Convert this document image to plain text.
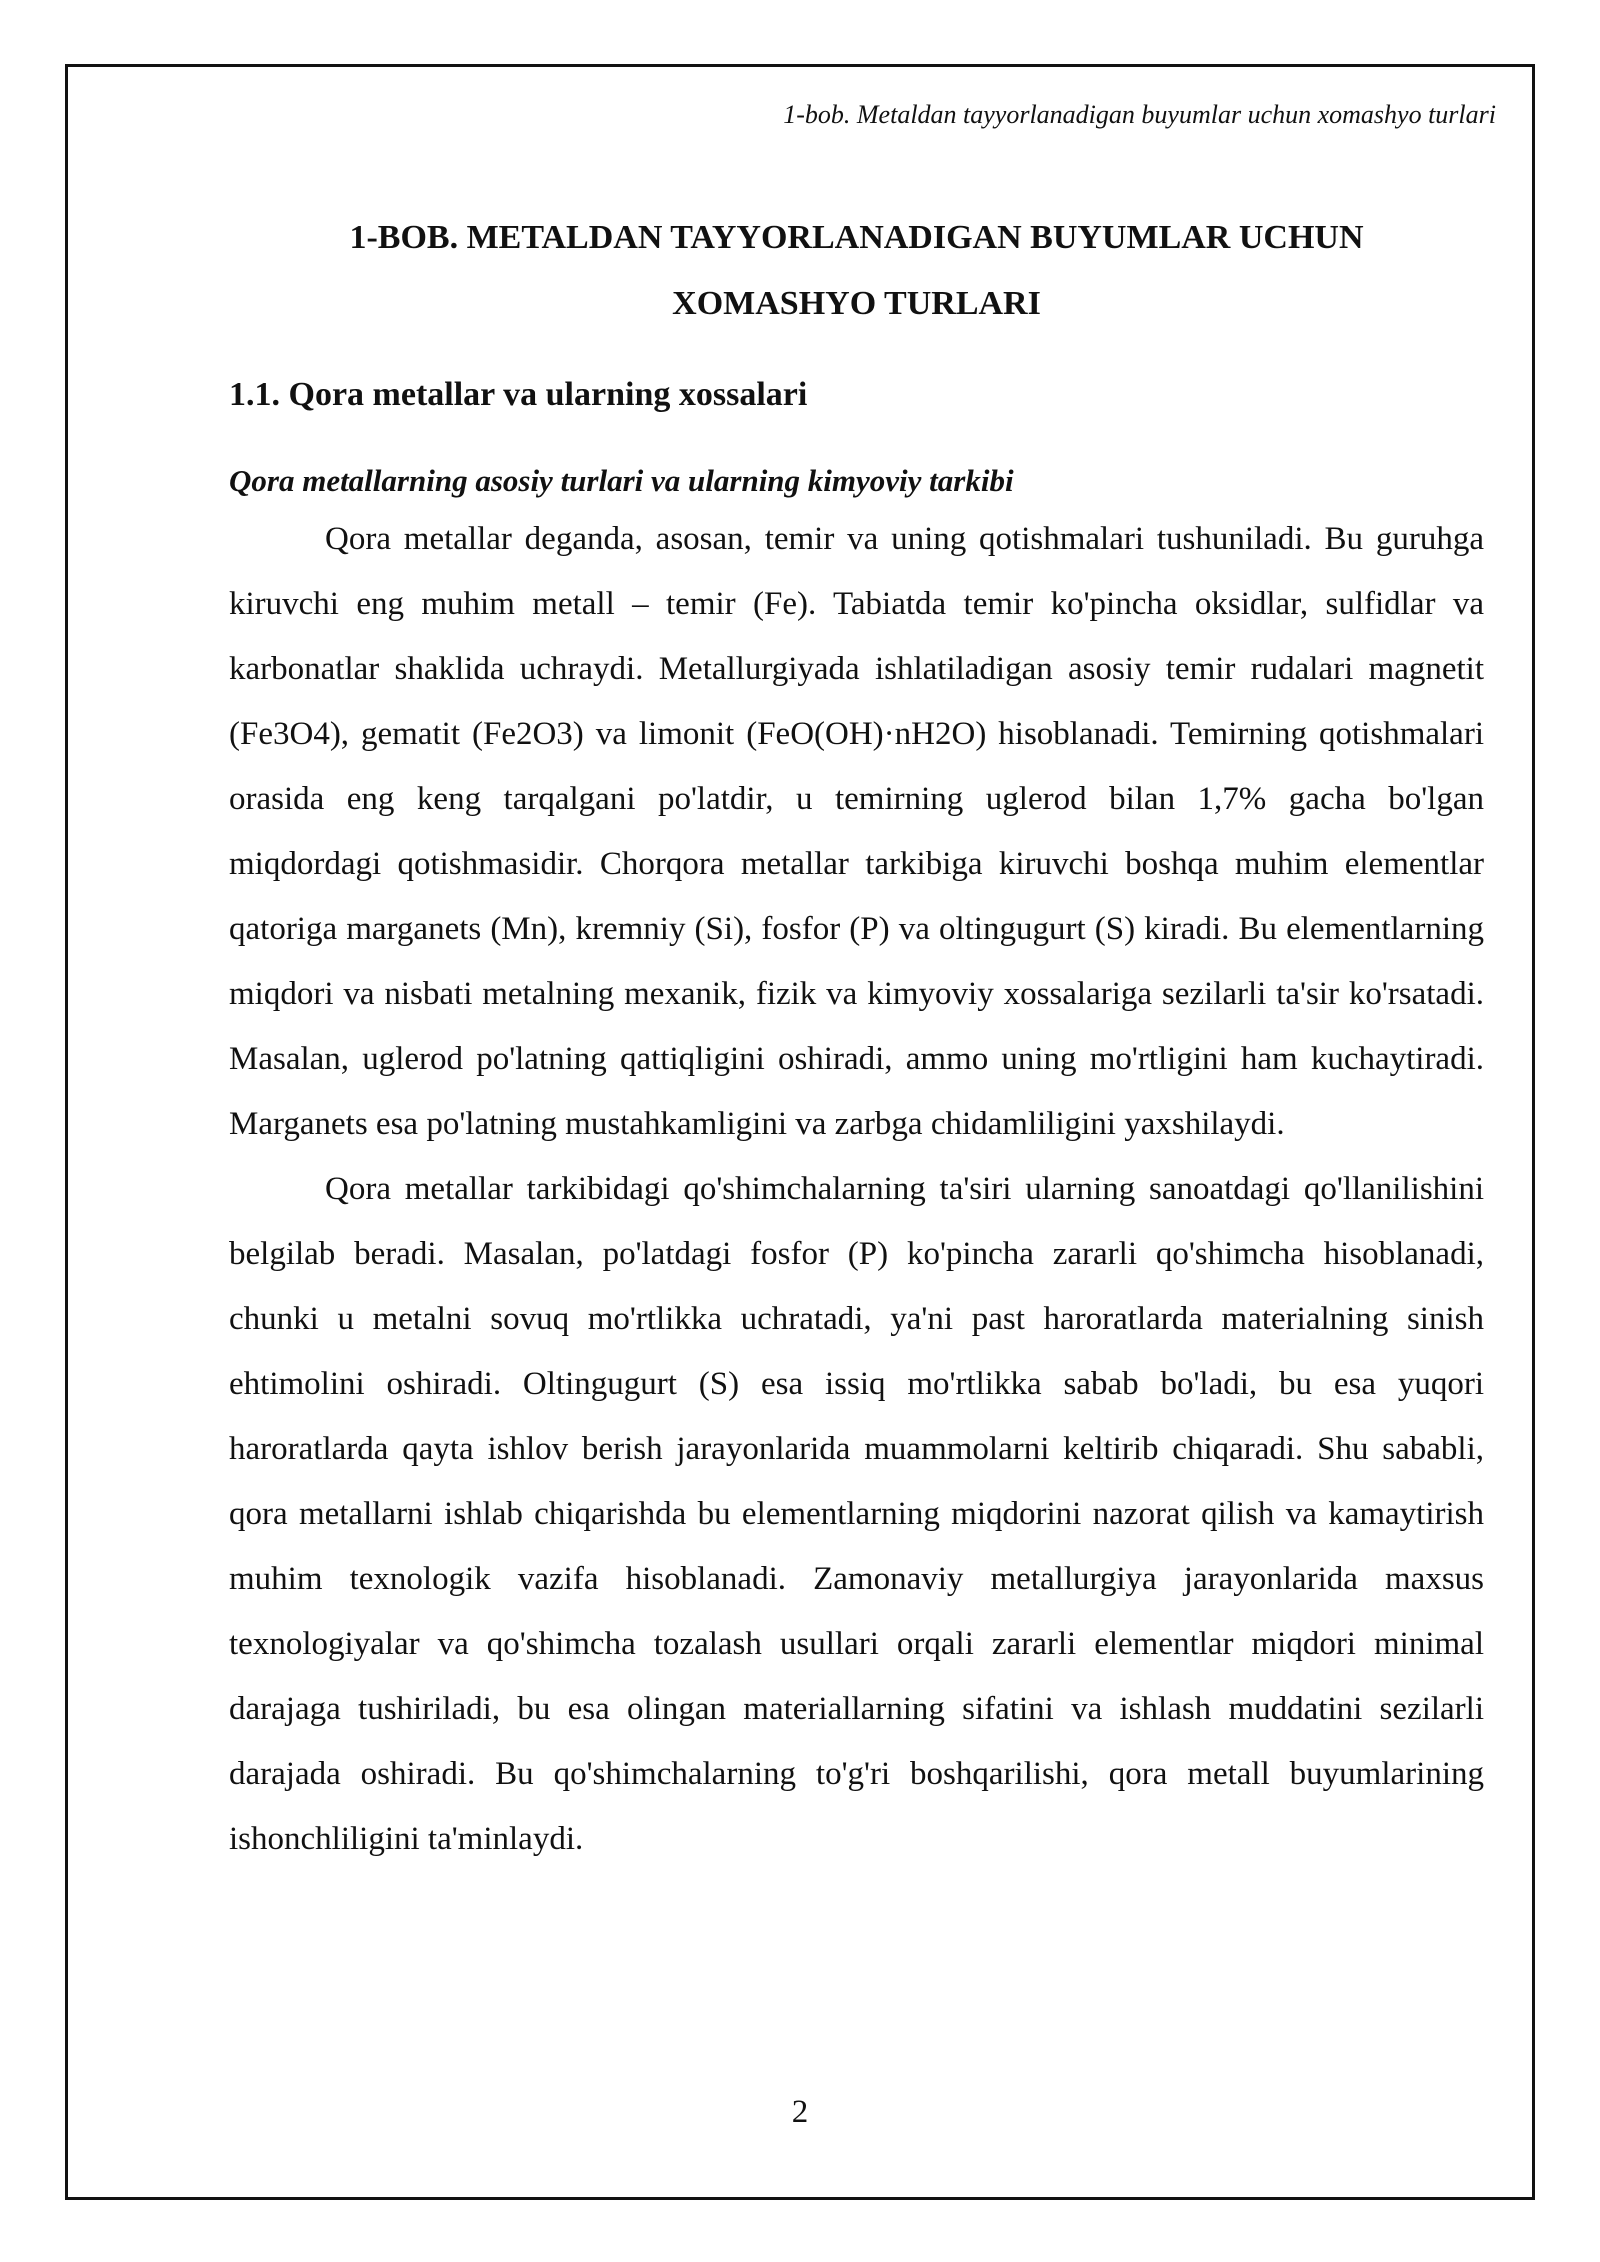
1-bob. Metaldan tayyorlanadigan buyumlar uchun xomashyo turlari
1-BOB. METALDAN TAYYORLANADIGAN BUYUMLAR UCHUN
XOMASHYO TURLARI
1.1. Qora metallar va ularning xossalari
Qora metallarning asosiy turlari va ularning kimyoviy tarkibi

Qora metallar deganda, asosan, temir va uning qotishmalari tushuniladi. Bu guruhga kiruvchi eng muhim metall – temir (Fe). Tabiatda temir ko'pincha oksidlar, sulfidlar va karbonatlar shaklida uchraydi. Metallurgiyada ishlatiladigan asosiy temir rudalari magnetit (Fe3O4), gematit (Fe2O3) va limonit (FeO(OH)·nH2O) hisoblanadi. Temirning qotishmalari orasida eng keng tarqalgani po'latdir, u temirning uglerod bilan 1,7% gacha bo'lgan miqdordagi qotishmasidir. Chorqora metallar tarkibiga kiruvchi boshqa muhim elementlar qatoriga marganets (Mn), kremniy (Si), fosfor (P) va oltingugurt (S) kiradi. Bu elementlarning miqdori va nisbati metalning mexanik, fizik va kimyoviy xossalariga sezilarli ta'sir ko'rsatadi. Masalan, uglerod po'latning qattiqligini oshiradi, ammo uning mo'rtligini ham kuchaytiradi. Marganets esa po'latning mustahkamligini va zarbga chidamliligini yaxshilaydi.

Qora metallar tarkibidagi qo'shimchalarning ta'siri ularning sanoatdagi qo'llanilishini belgilab beradi. Masalan, po'latdagi fosfor (P) ko'pincha zararli qo'shimcha hisoblanadi, chunki u metalni sovuq mo'rtlikka uchratadi, ya'ni past haroratlarda materialning sinish ehtimolini oshiradi. Oltingugurt (S) esa issiq mo'rtlikka sabab bo'ladi, bu esa yuqori haroratlarda qayta ishlov berish jarayonlarida muammolarni keltirib chiqaradi. Shu sababli, qora metallarni ishlab chiqarishda bu elementlarning miqdorini nazorat qilish va kamaytirish muhim texnologik vazifa hisoblanadi. Zamonaviy metallurgiya jarayonlarida maxsus texnologiyalar va qo'shimcha tozalash usullari orqali zararli elementlar miqdori minimal darajaga tushiriladi, bu esa olingan materiallarning sifatini va ishlash muddatini sezilarli darajada oshiradi. Bu qo'shimchalarning to'g'ri boshqarilishi, qora metall buyumlarining ishonchliligini ta'minlaydi.

2
